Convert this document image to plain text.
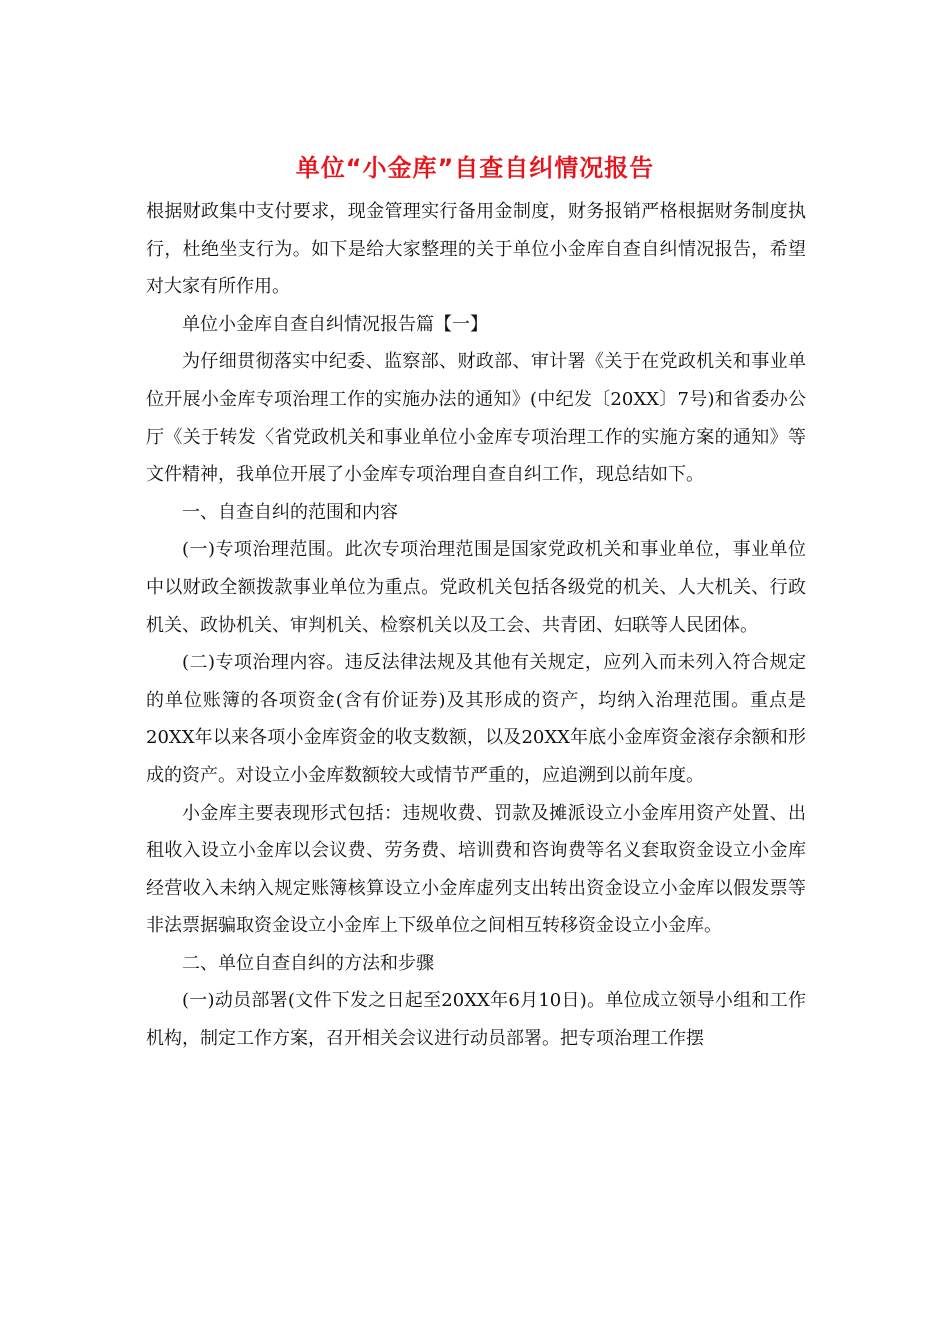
单位“小金库”自查自纠情况报告

根据财政集中支付要求，现金管理实行备用金制度，财务报销严格根据财务制度执行，杜绝坐支行为。如下是给大家整理的关于单位小金库自查自纠情况报告，希望对大家有所作用。

单位小金库自查自纠情况报告篇【一】

为仔细贯彻落实中纪委、监察部、财政部、审计署《关于在党政机关和事业单位开展小金库专项治理工作的实施办法的通知》(中纪发〔20XX〕7号)和省委办公厅《关于转发〈省党政机关和事业单位小金库专项治理工作的实施方案的通知》等文件精神，我单位开展了小金库专项治理自查自纠工作，现总结如下。

一、自查自纠的范围和内容

(一)专项治理范围。此次专项治理范围是国家党政机关和事业单位，事业单位中以财政全额拨款事业单位为重点。党政机关包括各级党的机关、人大机关、行政机关、政协机关、审判机关、检察机关以及工会、共青团、妇联等人民团体。

(二)专项治理内容。违反法律法规及其他有关规定，应列入而未列入符合规定的单位账簿的各项资金(含有价证券)及其形成的资产，均纳入治理范围。重点是20XX年以来各项小金库资金的收支数额，以及20XX年底小金库资金滚存余额和形成的资产。对设立小金库数额较大或情节严重的，应追溯到以前年度。

小金库主要表现形式包括：违规收费、罚款及摊派设立小金库用资产处置、出租收入设立小金库以会议费、劳务费、培训费和咨询费等名义套取资金设立小金库经营收入未纳入规定账簿核算设立小金库虚列支出转出资金设立小金库以假发票等非法票据骗取资金设立小金库上下级单位之间相互转移资金设立小金库。

二、单位自查自纠的方法和步骤

(一)动员部署(文件下发之日起至20XX年6月10日)。单位成立领导小组和工作机构，制定工作方案，召开相关会议进行动员部署。把专项治理工作摆
